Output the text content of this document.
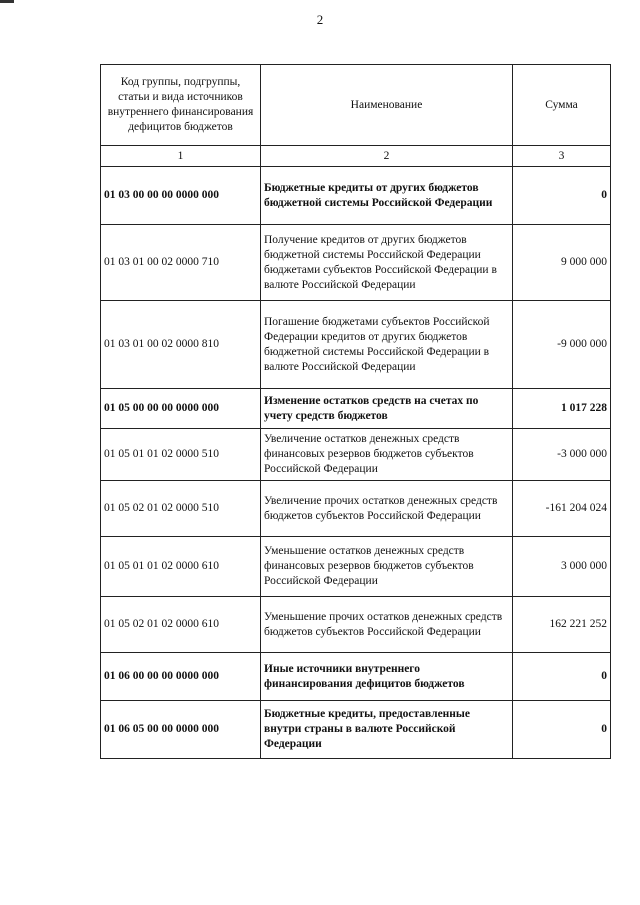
2
Код группы, подгруппы, статьи и вида источников внутреннего финансирования дефицитов бюджетов	Наименование	Сумма
1	2	3
01 03 00 00 00 0000 000	Бюджетные кредиты от других бюджетов бюджетной системы Российской Федерации	0
01 03 01 00 02 0000 710	Получение кредитов от других бюджетов бюджетной системы Российской Федерации бюджетами субъектов Российской Федерации в валюте Российской Федерации	9 000 000
01 03 01 00 02 0000 810	Погашение бюджетами субъектов Российской Федерации кредитов от других бюджетов бюджетной системы Российской Федерации в валюте Российской Федерации	-9 000 000
01 05 00 00 00 0000 000	Изменение остатков средств на счетах по учету средств бюджетов	1 017 228
01 05 01 01 02 0000 510	Увеличение остатков денежных средств финансовых резервов бюджетов субъектов Российской Федерации	-3 000 000
01 05 02 01 02 0000 510	Увеличение прочих остатков денежных средств бюджетов субъектов Российской Федерации	-161 204 024
01 05 01 01 02 0000 610	Уменьшение остатков денежных средств финансовых резервов бюджетов субъектов Российской Федерации	3 000 000
01 05 02 01 02 0000 610	Уменьшение прочих остатков денежных средств бюджетов субъектов Российской Федерации	162 221 252
01 06 00 00 00 0000 000	Иные источники внутреннего финансирования дефицитов бюджетов	0
01 06 05 00 00 0000 000	Бюджетные кредиты, предоставленные внутри страны в валюте Российской Федерации	0
